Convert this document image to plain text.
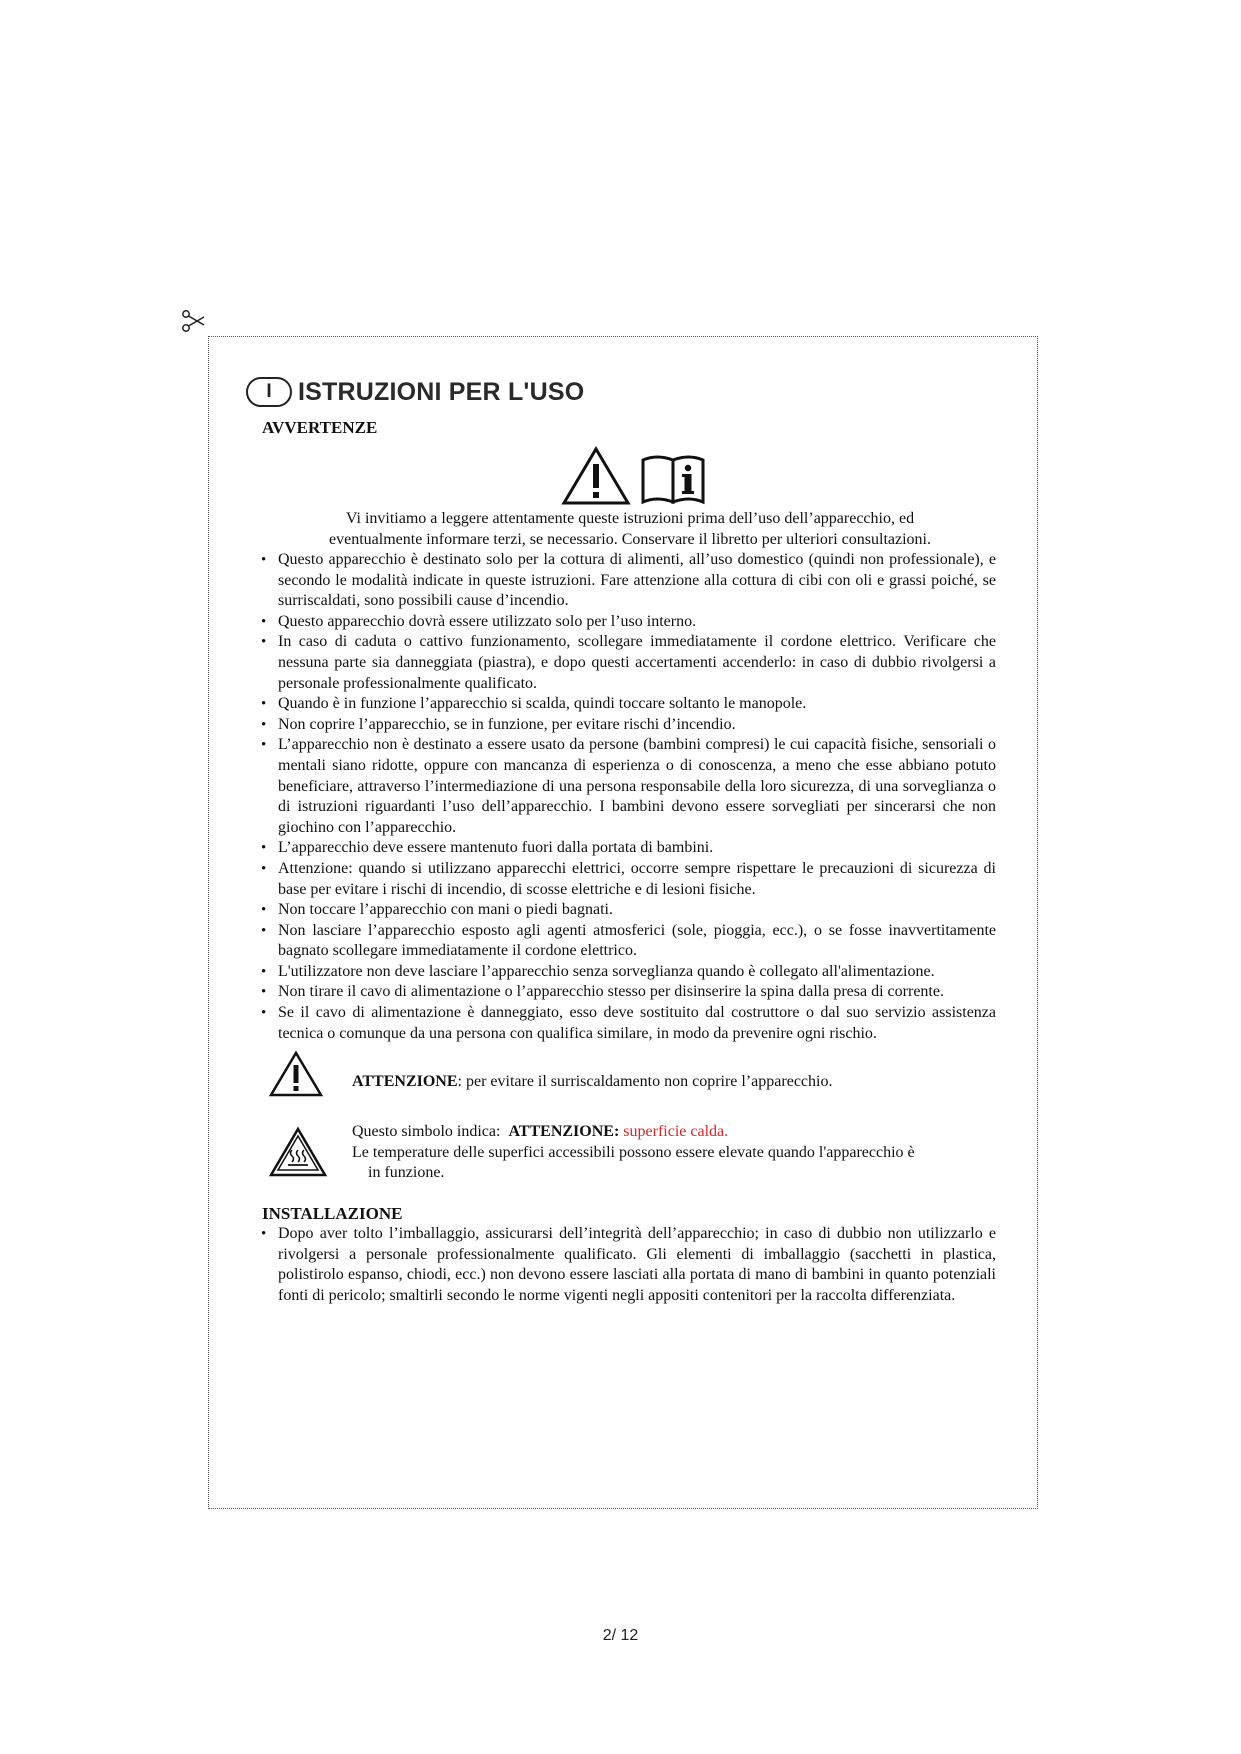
I	ISTRUZIONI PER L'USO
AVVERTENZE

Vi invitiamo a leggere attentamente queste istruzioni prima dell’uso dell’apparecchio, ed
eventualmente informare terzi, se necessario. Conservare il libretto per ulteriori consultazioni.

• Questo apparecchio è destinato solo per la cottura di alimenti, all’uso domestico (quindi non professionale), e secondo le modalità indicate in queste istruzioni. Fare attenzione alla cottura di cibi con oli e grassi poiché, se surriscaldati, sono possibili cause d’incendio.
• Questo apparecchio dovrà essere utilizzato solo per l’uso interno.
• In caso di caduta o cattivo funzionamento, scollegare immediatamente il cordone elettrico. Verificare che nessuna parte sia danneggiata (piastra), e dopo questi accertamenti accenderlo: in caso di dubbio rivolgersi a personale professionalmente qualificato.
• Quando è in funzione l’apparecchio si scalda, quindi toccare soltanto le manopole.
• Non coprire l’apparecchio, se in funzione, per evitare rischi d’incendio.
• L’apparecchio non è destinato a essere usato da persone (bambini compresi) le cui capacità fisiche, sensoriali o mentali siano ridotte, oppure con mancanza di esperienza o di conoscenza, a meno che esse abbiano potuto beneficiare, attraverso l’intermediazione di una persona responsabile della loro sicurezza, di una sorveglianza o di istruzioni riguardanti l’uso dell’apparecchio. I bambini devono essere sorvegliati per sincerarsi che non giochino con l’apparecchio.
• L’apparecchio deve essere mantenuto fuori dalla portata di bambini.
• Attenzione: quando si utilizzano apparecchi elettrici, occorre sempre rispettare le precauzioni di sicurezza di base per evitare i rischi di incendio, di scosse elettriche e di lesioni fisiche.
• Non toccare l’apparecchio con mani o piedi bagnati.
• Non lasciare l’apparecchio esposto agli agenti atmosferici (sole, pioggia, ecc.), o se fosse inavvertitamente bagnato scollegare immediatamente il cordone elettrico.
• L'utilizzatore non deve lasciare l’apparecchio senza sorveglianza quando è collegato all'alimentazione.
• Non tirare il cavo di alimentazione o l’apparecchio stesso per disinserire la spina dalla presa di corrente.
• Se il cavo di alimentazione è danneggiato, esso deve sostituito dal costruttore o dal suo servizio assistenza tecnica o comunque da una persona con qualifica similare, in modo da prevenire ogni rischio.
ATTENZIONE: per evitare il surriscaldamento non coprire l’apparecchio.
Questo simbolo indica: ATTENZIONE: superficie calda.
Le temperature delle superfici accessibili possono essere elevate quando l'apparecchio è
in funzione.
INSTALLAZIONE
• Dopo aver tolto l’imballaggio, assicurarsi dell’integrità dell’apparecchio; in caso di dubbio non utilizzarlo e rivolgersi a personale professionalmente qualificato. Gli elementi di imballaggio (sacchetti in plastica, polistirolo espanso, chiodi, ecc.) non devono essere lasciati alla portata di mano di bambini in quanto potenziali fonti di pericolo; smaltirli secondo le norme vigenti negli appositi contenitori per la raccolta differenziata.
2/ 12
